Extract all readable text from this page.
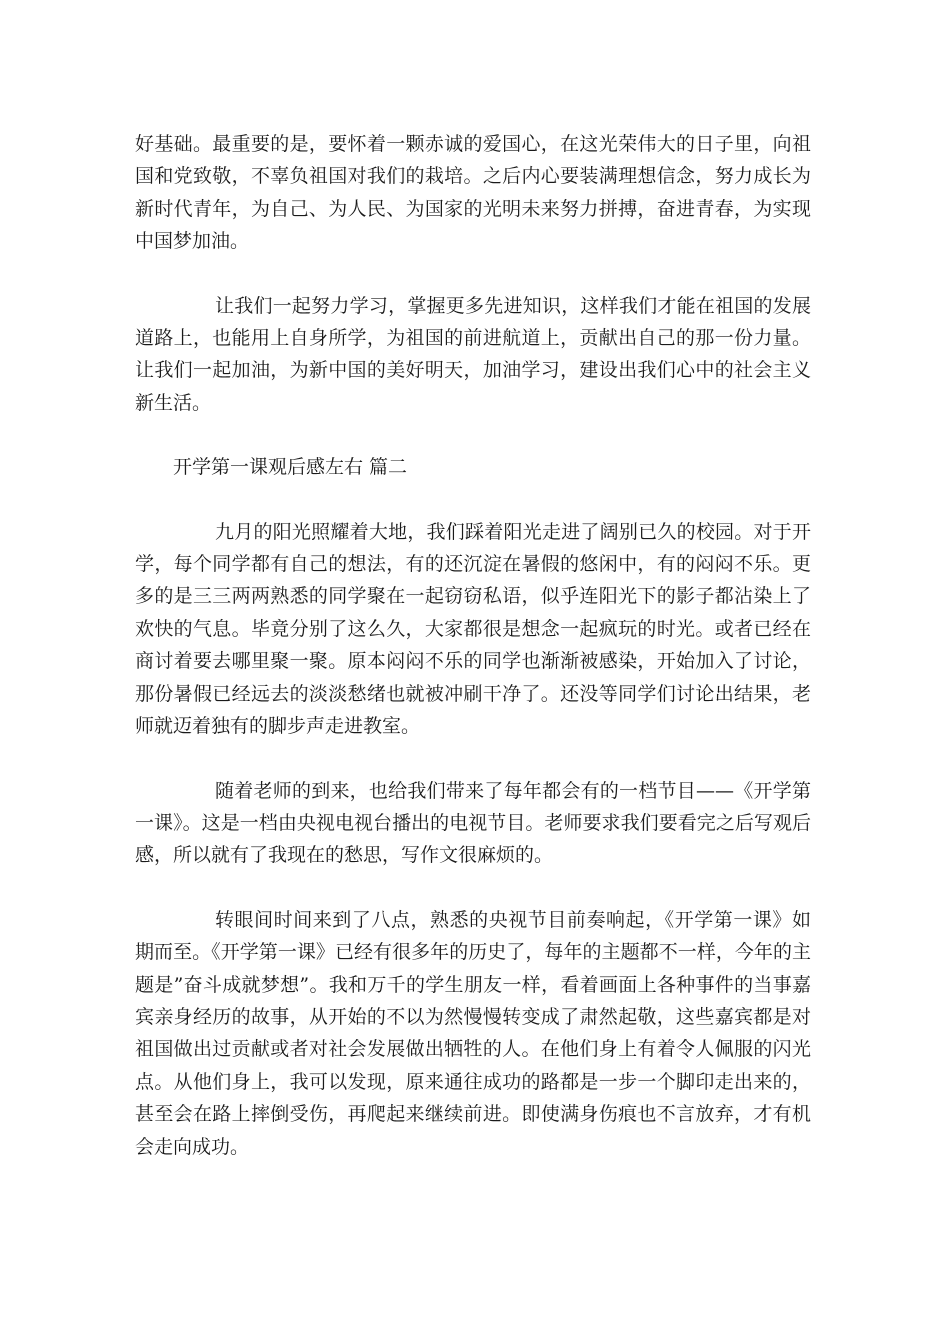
好基础。最重要的是，要怀着一颗赤诚的爱国心，在这光荣伟大的日子里，向祖国和党致敬，不辜负祖国对我们的栽培。之后内心要装满理想信念，努力成长为新时代青年，为自己、为人民、为国家的光明未来努力拼搏，奋进青春，为实现中国梦加油。

让我们一起努力学习，掌握更多先进知识，这样我们才能在祖国的发展道路上，也能用上自身所学，为祖国的前进航道上，贡献出自己的那一份力量。让我们一起加油，为新中国的美好明天，加油学习，建设出我们心中的社会主义新生活。

开学第一课观后感左右 篇二

九月的阳光照耀着大地，我们踩着阳光走进了阔别已久的校园。对于开学，每个同学都有自己的想法，有的还沉淀在暑假的悠闲中，有的闷闷不乐。更多的是三三两两熟悉的同学聚在一起窃窃私语，似乎连阳光下的影子都沾染上了欢快的气息。毕竟分别了这么久，大家都很是想念一起疯玩的时光。或者已经在商讨着要去哪里聚一聚。原本闷闷不乐的同学也渐渐被感染，开始加入了讨论，那份暑假已经远去的淡淡愁绪也就被冲刷干净了。还没等同学们讨论出结果，老师就迈着独有的脚步声走进教室。

随着老师的到来，也给我们带来了每年都会有的一档节目——《开学第一课》。这是一档由央视电视台播出的电视节目。老师要求我们要看完之后写观后感，所以就有了我现在的愁思，写作文很麻烦的。

转眼间时间来到了八点，熟悉的央视节目前奏响起，《开学第一课》如期而至。《开学第一课》已经有很多年的历史了，每年的主题都不一样，今年的主题是”奋斗成就梦想”。我和万千的学生朋友一样，看着画面上各种事件的当事嘉宾亲身经历的故事，从开始的不以为然慢慢转变成了肃然起敬，这些嘉宾都是对祖国做出过贡献或者对社会发展做出牺牲的人。在他们身上有着令人佩服的闪光点。从他们身上，我可以发现，原来通往成功的路都是一步一个脚印走出来的，甚至会在路上摔倒受伤，再爬起来继续前进。即使满身伤痕也不言放弃，才有机会走向成功。
